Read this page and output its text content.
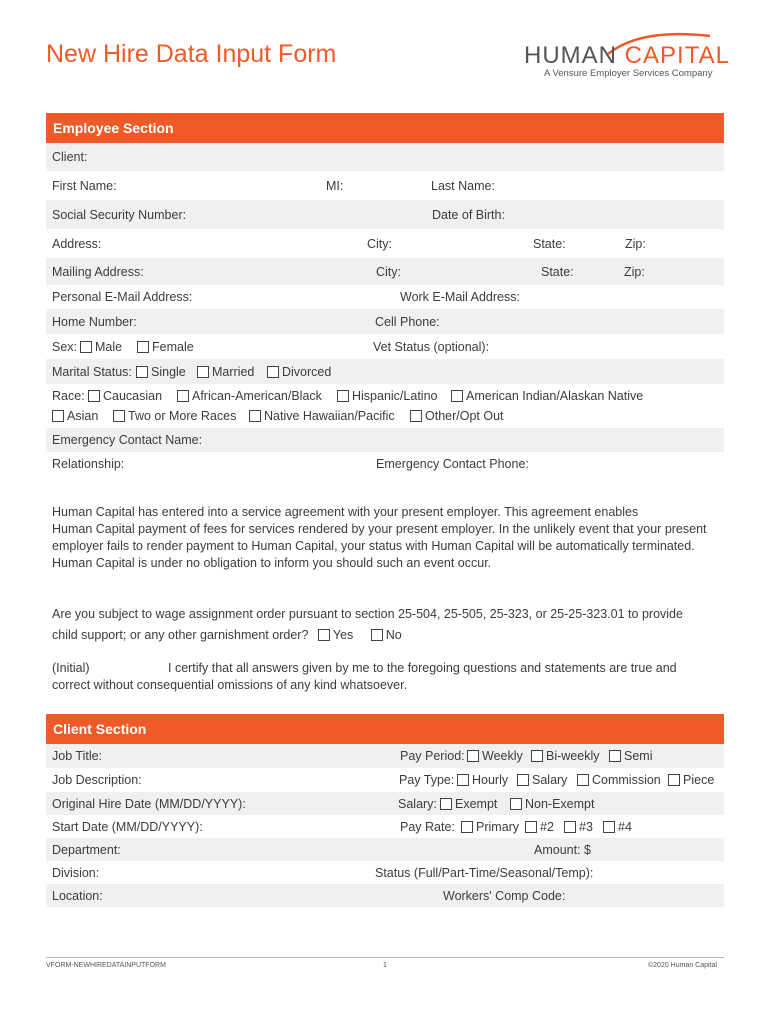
New Hire Data Input Form	HUMAN CAPITAL
A Vensure Employer Services Company
Employee Section
Client:
First Name:	MI:	Last Name:
Social Security Number:	Date of Birth:
Address:	City:	State:	Zip:
Mailing Address:	City:	State:	Zip:
Personal E-Mail Address:	Work E-Mail Address:
Home Number:	Cell Phone:
Sex:	Male	Female	Vet Status (optional):
Marital Status:	Single	Married	Divorced
Race:	Caucasian	African-American/Black	Hispanic/Latino	American Indian/Alaskan Native
Asian	Two or More Races	Native Hawaiian/Pacific	Other/Opt Out
Emergency Contact Name:
Relationship:	Emergency Contact Phone:
Human Capital has entered into a service agreement with your present employer. This agreement enables
Human Capital payment of fees for services rendered by your present employer. In the unlikely event that your present
employer fails to render payment to Human Capital, your status with Human Capital will be automatically terminated.
Human Capital is under no obligation to inform you should such an event occur.
Are you subject to wage assignment order pursuant to section 25-504, 25-505, 25-323, or 25-25-323.01 to provide
child support; or any other garnishment order? Yes	No
(Initial)	I certify that all answers given by me to the foregoing questions and statements are true and
correct without consequential omissions of any kind whatsoever.
Client Section
Job Title:	Pay Period:	Weekly	Bi-weekly	Semi
Job Description:	Pay Type:	Hourly	Salary	Commission	Piece
Original Hire Date (MM/DD/YYYY):	Salary:	Exempt	Non-Exempt
Start Date (MM/DD/YYYY):	Pay Rate:	Primary	#2	#3	#4
Department:	Amount: $
Division:	Status (Full/Part-Time/Seasonal/Temp):
Location:	Workers' Comp Code:
VFORM-NEWHIREDATAINPUTFORM	1	©2020 Human Capital
